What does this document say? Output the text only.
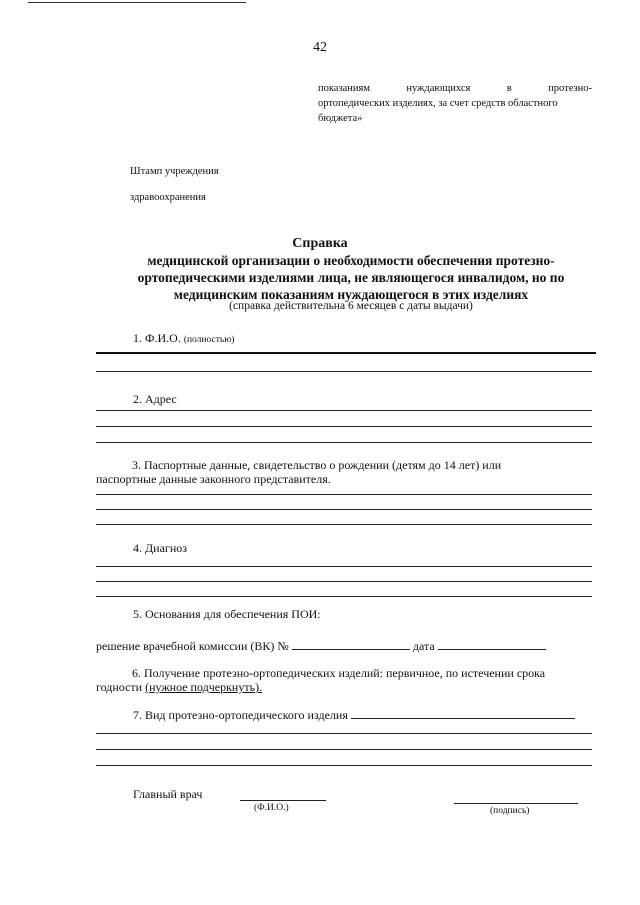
42
показаниям	нуждающихся	в	протезно-
ортопедических изделиях, за счет средств областного
бюджета»
Штамп учреждения
здравоохранения
Справка
медицинской организации о необходимости обеспечения протезно-
ортопедическими изделиями лица, не являющегося инвалидом, но по
медицинским показаниям нуждающегося в этих изделиях
(справка действительна 6 месяцев с даты выдачи)
1. Ф.И.О. (полностью)
2. Адрес
3. Паспортные данные, свидетельство о рождении (детям до 14 лет) или
паспортные данные законного представителя.
4. Диагноз
5. Основания для обеспечения ПОИ:
решение врачебной комиссии (ВК) №	дата
6. Получение протезно-ортопедических изделий: первичное, по истечении срока
годности (нужное подчеркнуть).
7. Вид протезно-ортопедического изделия
Главный врач
(Ф.И.О.)	(подпись)
